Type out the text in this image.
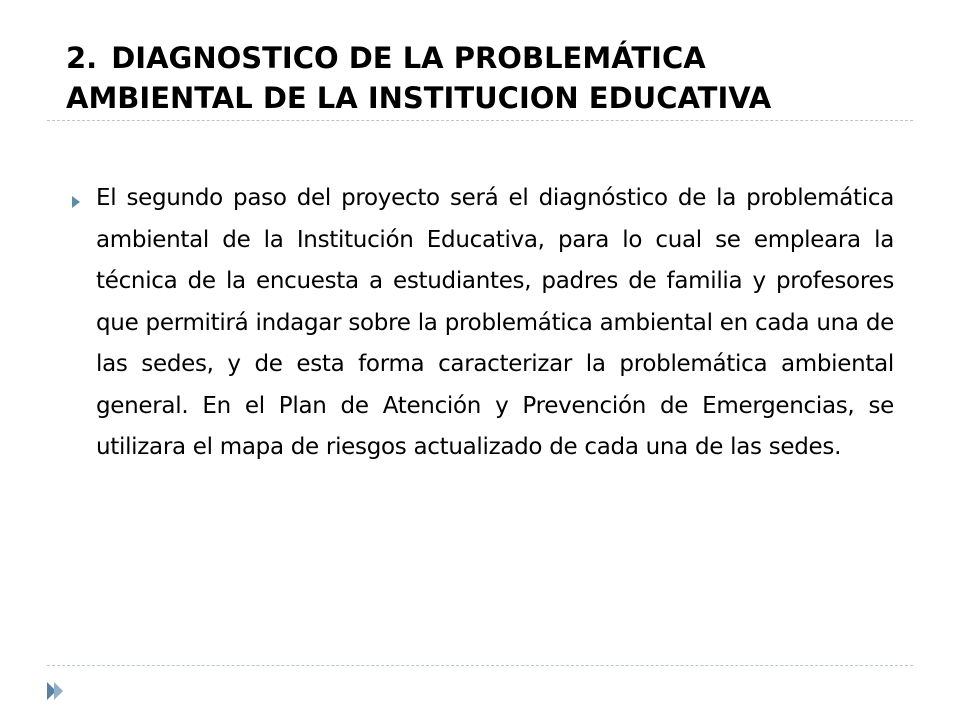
2. DIAGNOSTICO DE LA PROBLEMÁTICA
AMBIENTAL DE LA INSTITUCION EDUCATIVA

El segundo paso del proyecto será el diagnóstico de la problemática ambiental de la Institución Educativa, para lo cual se empleara la técnica de la encuesta a estudiantes, padres de familia y profesores que permitirá indagar sobre la problemática ambiental en cada una de las sedes, y de esta forma caracterizar la problemática ambiental general. En el Plan de Atención y Prevención de Emergencias, se utilizara el mapa de riesgos actualizado de cada una de las sedes.
